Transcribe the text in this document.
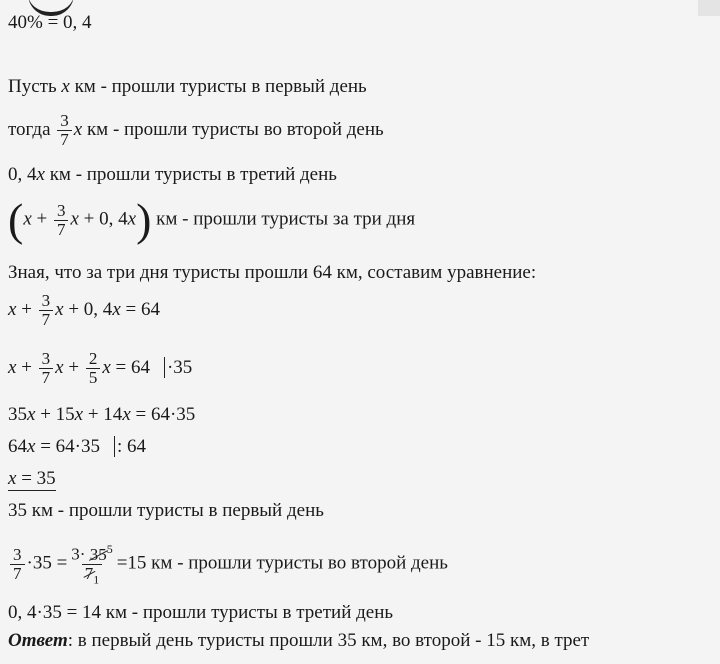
40% = 0, 4
Пусть x км - прошли туристы в первый день
тогда $\frac{3}{7}$ x км - прошли туристы во второй день
0, 4x км - прошли туристы в третий день
($x + \frac{3}{7}$ x + 0, 4x) км - прошли туристы за три дня
Зная, что за три дня туристы прошли 64 км, составим уравнение:
$x + \frac{3}{7}$ x + 0, 4x = 64
$x + \frac{3}{7}$ $x + \frac{2}{5}$ x = 64 ·35
35x + 15x + 14x = 64·35
64x = 64·35 : 64
x = 35
35 км - прошли туристы в первый день
$\frac{3}{7} \cdot 35 = \frac{3\cdot 35^5}{7_1} =15$ км - прошли туристы во второй день
0, 4·35 = 14 км - прошли туристы в третий день
Ответ: в первый день туристы прошли 35 км, во второй - 15 км, в трет
